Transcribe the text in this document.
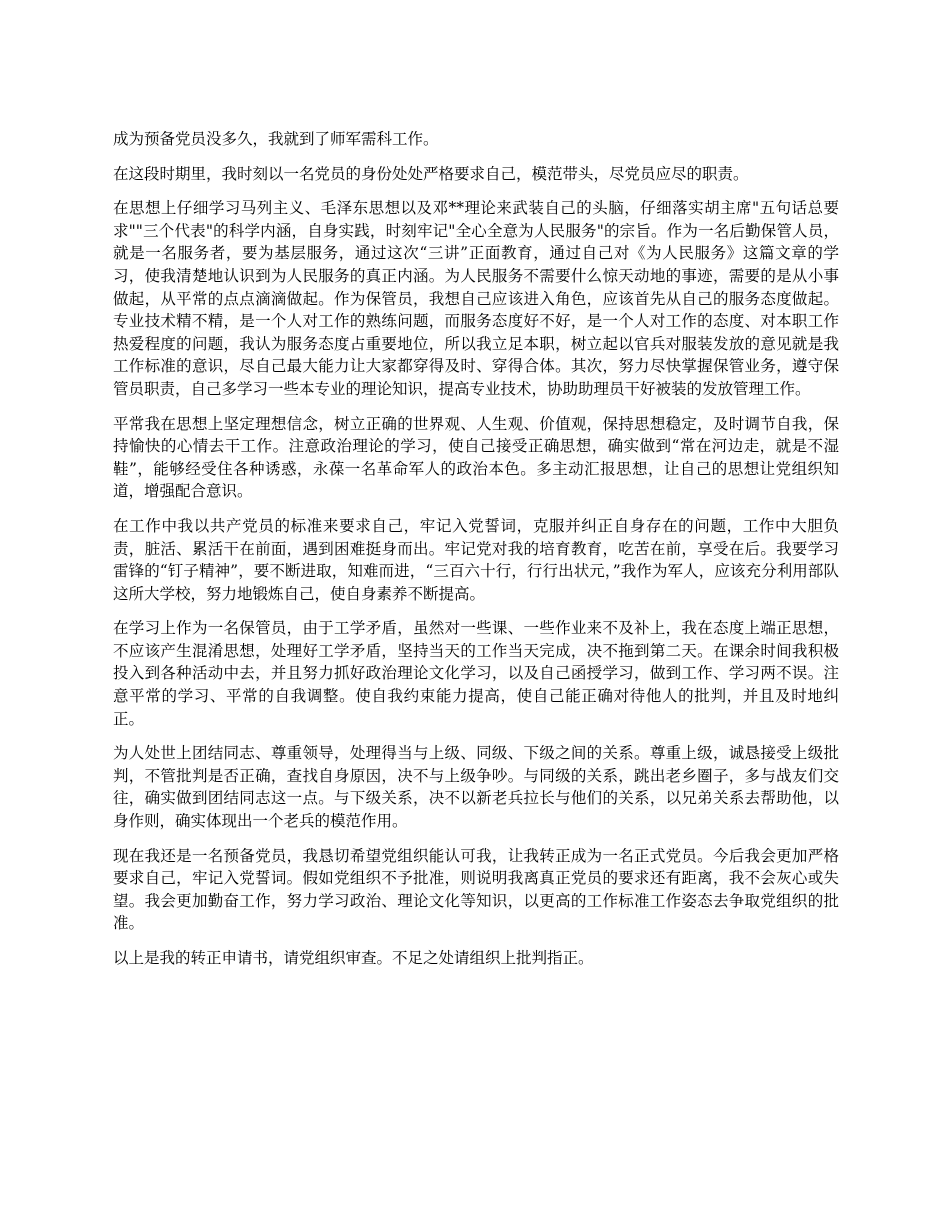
成为预备党员没多久，我就到了师军需科工作。

在这段时期里，我时刻以一名党员的身份处处严格要求自己，模范带头，尽党员应尽的职责。

在思想上仔细学习马列主义、毛泽东思想以及邓**理论来武装自己的头脑，仔细落实胡主席"五句话总要求""三个代表"的科学内涵，自身实践，时刻牢记"全心全意为人民服务"的宗旨。作为一名后勤保管人员，就是一名服务者，要为基层服务，通过这次“三讲”正面教育，通过自己对《为人民服务》这篇文章的学习，使我清楚地认识到为人民服务的真正内涵。为人民服务不需要什么惊天动地的事迹，需要的是从小事做起，从平常的点点滴滴做起。作为保管员，我想自己应该进入角色，应该首先从自己的服务态度做起。专业技术精不精，是一个人对工作的熟练问题，而服务态度好不好，是一个人对工作的态度、对本职工作热爱程度的问题，我认为服务态度占重要地位，所以我立足本职，树立起以官兵对服装发放的意见就是我工作标准的意识，尽自己最大能力让大家都穿得及时、穿得合体。其次，努力尽快掌握保管业务，遵守保管员职责，自己多学习一些本专业的理论知识，提高专业技术，协助助理员干好被装的发放管理工作。

平常我在思想上坚定理想信念，树立正确的世界观、人生观、价值观，保持思想稳定，及时调节自我，保持愉快的心情去干工作。注意政治理论的学习，使自己接受正确思想，确实做到“常在河边走，就是不湿鞋”，能够经受住各种诱惑，永葆一名革命军人的政治本色。多主动汇报思想，让自己的思想让党组织知道，增强配合意识。

在工作中我以共产党员的标准来要求自己，牢记入党誓词，克服并纠正自身存在的问题，工作中大胆负责，脏活、累活干在前面，遇到困难挺身而出。牢记党对我的培育教育，吃苦在前，享受在后。我要学习雷锋的“钉子精神”，要不断进取，知难而进，“三百六十行，行行出状元，”我作为军人，应该充分利用部队这所大学校，努力地锻炼自己，使自身素养不断提高。

在学习上作为一名保管员，由于工学矛盾，虽然对一些课、一些作业来不及补上，我在态度上端正思想，不应该产生混淆思想，处理好工学矛盾，坚持当天的工作当天完成，决不拖到第二天。在课余时间我积极投入到各种活动中去，并且努力抓好政治理论文化学习，以及自己函授学习，做到工作、学习两不误。注意平常的学习、平常的自我调整。使自我约束能力提高，使自己能正确对待他人的批判，并且及时地纠正。

为人处世上团结同志、尊重领导，处理得当与上级、同级、下级之间的关系。尊重上级，诚恳接受上级批判，不管批判是否正确，查找自身原因，决不与上级争吵。与同级的关系，跳出老乡圈子，多与战友们交往，确实做到团结同志这一点。与下级关系，决不以新老兵拉长与他们的关系，以兄弟关系去帮助他，以身作则，确实体现出一个老兵的模范作用。

现在我还是一名预备党员，我恳切希望党组织能认可我，让我转正成为一名正式党员。今后我会更加严格要求自己，牢记入党誓词。假如党组织不予批准，则说明我离真正党员的要求还有距离，我不会灰心或失望。我会更加勤奋工作，努力学习政治、理论文化等知识，以更高的工作标准工作姿态去争取党组织的批准。

以上是我的转正申请书，请党组织审查。不足之处请组织上批判指正。
